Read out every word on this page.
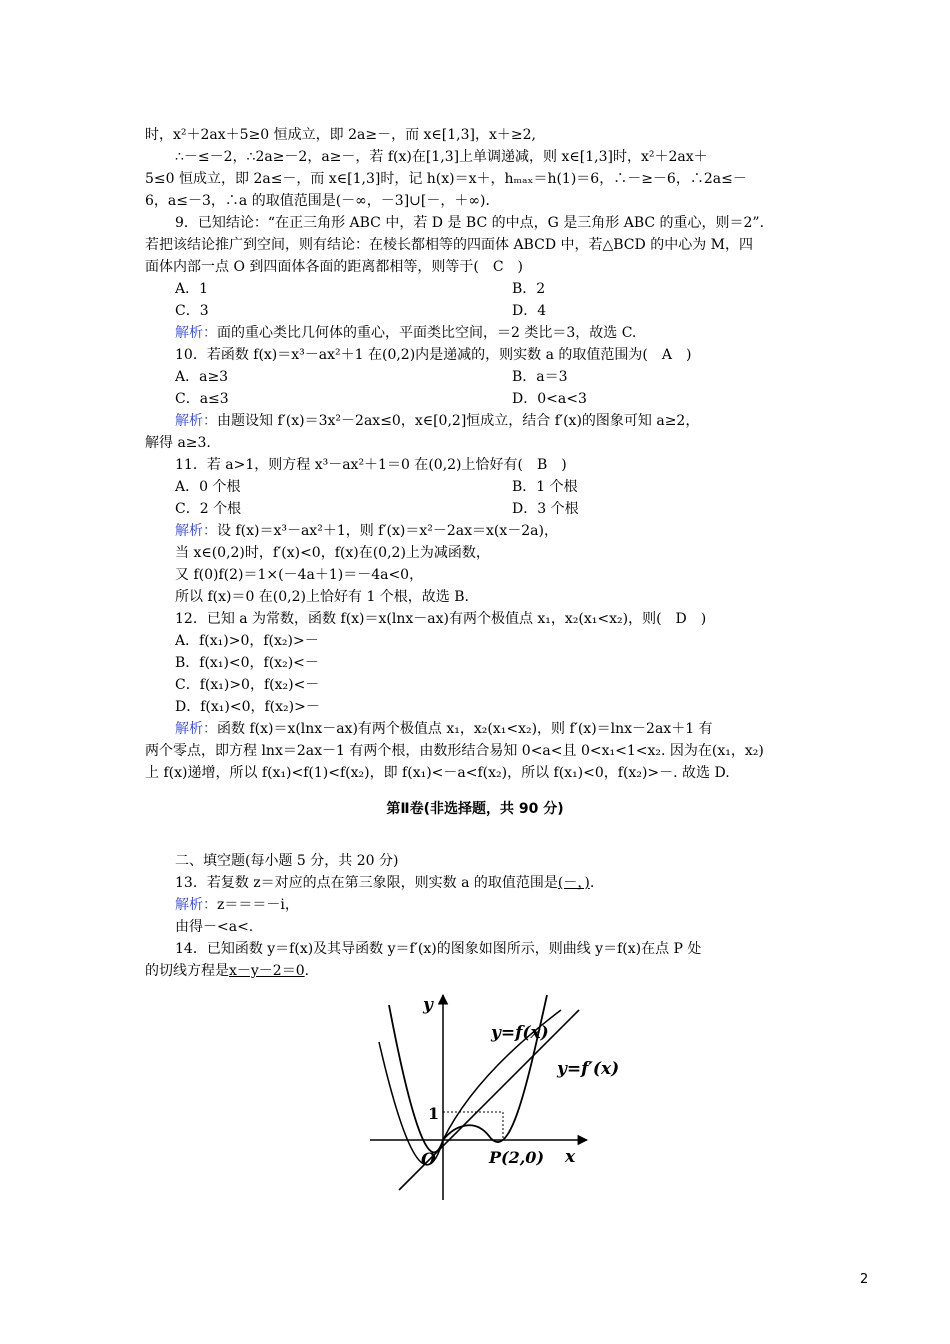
时，x²＋2ax＋5≥0 恒成立，即 2a≥－，而 x∈[1,3]，x＋≥2,
∴－≤－2，∴2a≥－2，a≥－，若 f(x)在[1,3]上单调递减，则 x∈[1,3]时，x²＋2ax＋
5≤0 恒成立，即 2a≤－，而 x∈[1,3]时，记 h(x)＝x＋，hₘₐₓ＝h(1)＝6，∴－≥－6，∴2a≤－
6，a≤－3，∴a 的取值范围是(－∞，－3]∪[－，＋∞)．
9．已知结论：“在正三角形 ABC 中，若 D 是 BC 的中点，G 是三角形 ABC 的重心，则＝2”．
若把该结论推广到空间，则有结论：在棱长都相等的四面体 ABCD 中，若△BCD 的中心为 M，四
面体内部一点 O 到四面体各面的距离都相等，则等于(　C　)
A．1	B．2
C．3	D．4
解析：面的重心类比几何体的重心，平面类比空间，＝2 类比＝3，故选 C.
10．若函数 f(x)＝x³－ax²＋1 在(0,2)内是递减的，则实数 a 的取值范围为(　A　)
A．a≥3	B．a＝3
C．a≤3	D．0<a<3
解析：由题设知 f′(x)＝3x²－2ax≤0，x∈[0,2]恒成立，结合 f′(x)的图象可知 a≥2，
解得 a≥3.
11．若 a>1，则方程 x³－ax²＋1＝0 在(0,2)上恰好有(　B　)
A．0 个根	B．1 个根
C．2 个根	D．3 个根
解析：设 f(x)＝x³－ax²＋1，则 f′(x)＝x²－2ax＝x(x－2a)，
当 x∈(0,2)时，f′(x)<0，f(x)在(0,2)上为减函数，
又 f(0)f(2)＝1×(－4a＋1)＝－4a<0，
所以 f(x)＝0 在(0,2)上恰好有 1 个根，故选 B.
12．已知 a 为常数，函数 f(x)＝x(lnx－ax)有两个极值点 x₁，x₂(x₁<x₂)，则(　D　)
A．f(x₁)>0，f(x₂)>－
B．f(x₁)<0，f(x₂)<－
C．f(x₁)>0，f(x₂)<－
D．f(x₁)<0，f(x₂)>－
解析：函数 f(x)＝x(lnx－ax)有两个极值点 x₁，x₂(x₁<x₂)，则 f′(x)＝lnx－2ax＋1 有
两个零点，即方程 lnx＝2ax－1 有两个根，由数形结合易知 0<a<且 0<x₁<1<x₂. 因为在(x₁，x₂)
上 f(x)递增，所以 f(x₁)<f(1)<f(x₂)，即 f(x₁)<－a<f(x₂)，所以 f(x₁)<0，f(x₂)>－. 故选 D.
第Ⅱ卷(非选择题，共 90 分)
二、填空题(每小题 5 分，共 20 分)
13．若复数 z＝对应的点在第三象限，则实数 a 的取值范围是(－，).
解析：z＝＝＝－i，
由得－<a<.
14．已知函数 y＝f(x)及其导函数 y＝f′(x)的图象如图所示，则曲线 y＝f(x)在点 P 处
的切线方程是x－y－2＝0.
y
x
O
1
y=f(x)
y=f′(x)
P(2,0)
2
